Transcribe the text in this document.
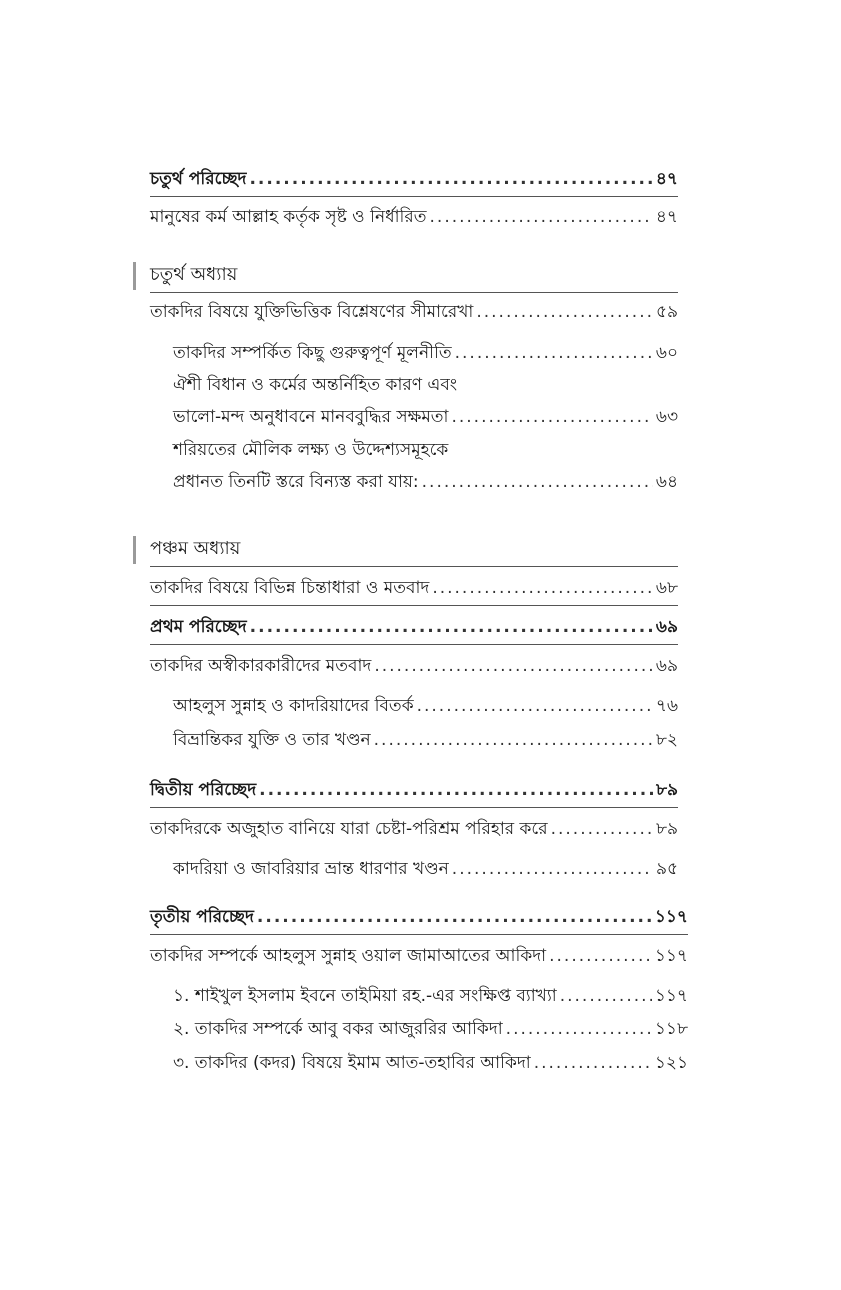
চতুর্থ পরিচ্ছেদ .....	৪৭
মানুষের কর্ম আল্লাহ কর্তৃক সৃষ্ট ও নির্ধারিত .....	৪৭
চতুর্থ অধ্যায়
তাকদির বিষয়ে যুক্তিভিত্তিক বিশ্লেষণের সীমারেখা .....	৫৯
তাকদির সম্পর্কিত কিছু গুরুত্বপূর্ণ মূলনীতি .....	৬০
ঐশী বিধান ও কর্মের অন্তর্নিহিত কারণ এবং
ভালো-মন্দ অনুধাবনে মানববুদ্ধির সক্ষমতা .....	৬৩
শরিয়তের মৌলিক লক্ষ্য ও উদ্দেশ্যসমূহকে
প্রধানত তিনটি স্তরে বিন্যস্ত করা যায়: .....	৬৪
পঞ্চম অধ্যায়
তাকদির বিষয়ে বিভিন্ন চিন্তাধারা ও মতবাদ .....	৬৮
প্রথম পরিচ্ছেদ .....	৬৯
তাকদির অস্বীকারকারীদের মতবাদ .....	৬৯
আহলুস সুন্নাহ ও কাদরিয়াদের বিতর্ক .....	৭৬
বিভ্রান্তিকর যুক্তি ও তার খণ্ডন .....	৮২
দ্বিতীয় পরিচ্ছেদ .....	৮৯
তাকদিরকে অজুহাত বানিয়ে যারা চেষ্টা-পরিশ্রম পরিহার করে .....	৮৯
কাদরিয়া ও জাবরিয়ার ভ্রান্ত ধারণার খণ্ডন .....	৯৫
তৃতীয় পরিচ্ছেদ .....	১১৭
তাকদির সম্পর্কে আহলুস সুন্নাহ ওয়াল জামাআতের আকিদা .....	১১৭
১. শাইখুল ইসলাম ইবনে তাইমিয়া রহ.-এর সংক্ষিপ্ত ব্যাখ্যা .....	১১৭
২. তাকদির সম্পর্কে আবু বকর আজুররির আকিদা .....	১১৮
৩. তাকদির (কদর) বিষয়ে ইমাম আত-তহাবির আকিদা .....	১২১
